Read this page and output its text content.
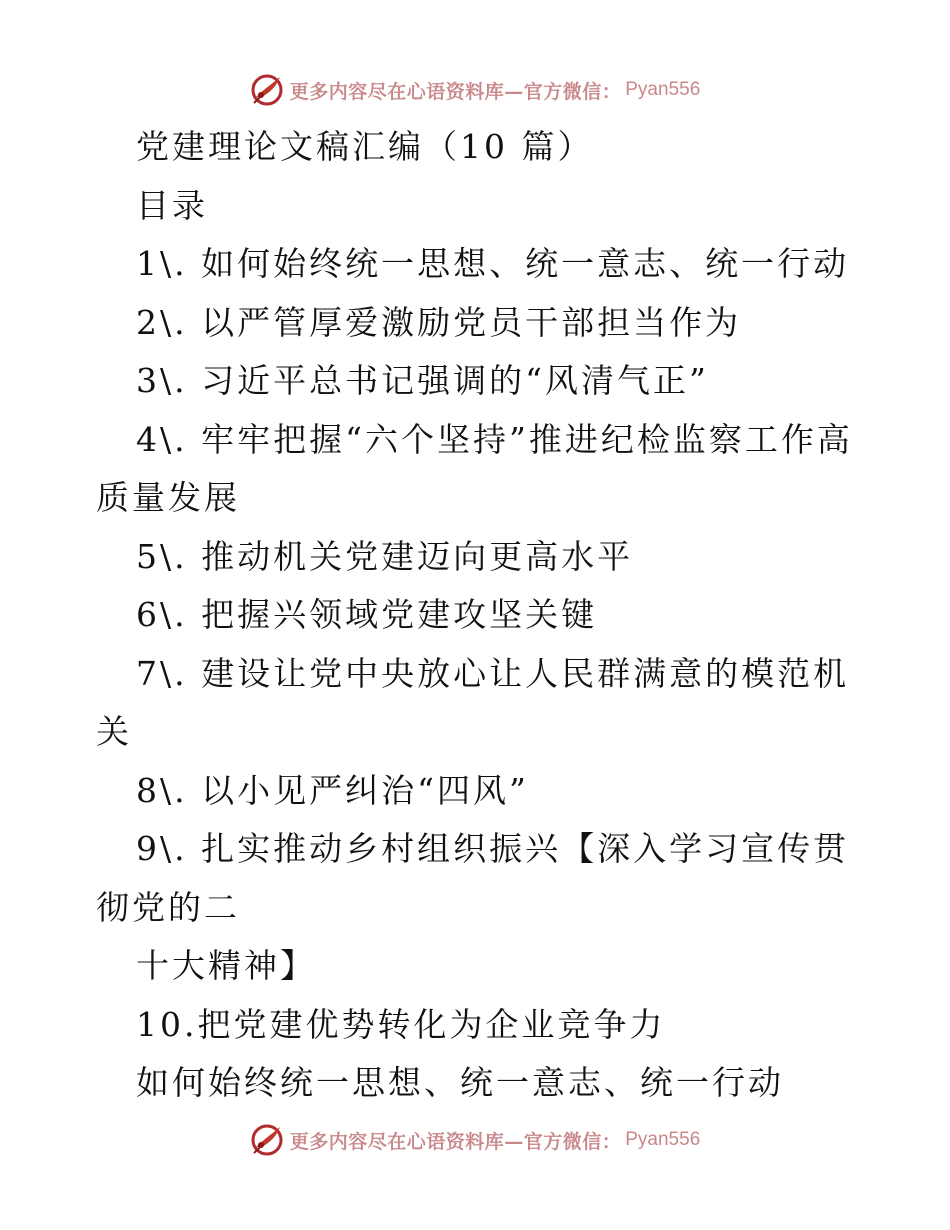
更多内容尽在心语资料库—官方微信： Pyan556

党建理论文稿汇编（10 篇）

目录

1\. 如何始终统一思想、统一意志、统一行动

2\. 以严管厚爱激励党员干部担当作为

3\. 习近平总书记强调的“风清气正”

4\. 牢牢把握“六个坚持”推进纪检监察工作高质量发展

5\. 推动机关党建迈向更高水平

6\. 把握兴领域党建攻坚关键

7\. 建设让党中央放心让人民群满意的模范机关

8\. 以小见严纠治“四风”

9\. 扎实推动乡村组织振兴【深入学习宣传贯彻党的二

十大精神】

10.把党建优势转化为企业竞争力

如何始终统一思想、统一意志、统一行动

更多内容尽在心语资料库—官方微信： Pyan556
